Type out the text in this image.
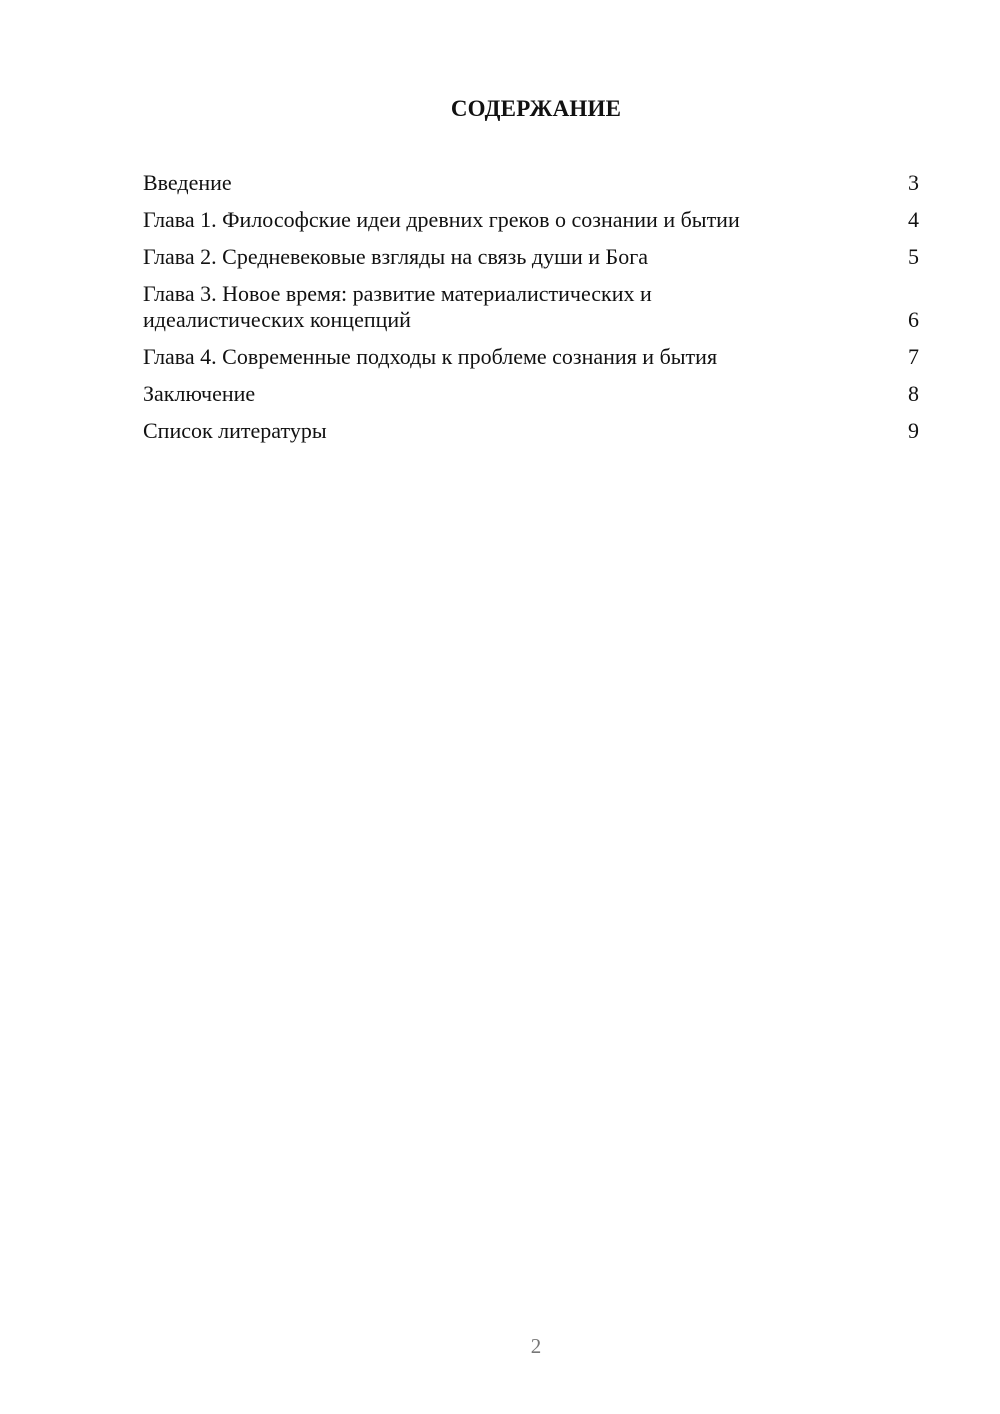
СОДЕРЖАНИЕ
Введение	3
Глава 1. Философские идеи древних греков о сознании и бытии	4
Глава 2. Средневековые взгляды на связь души и Бога	5
Глава 3. Новое время: развитие материалистических и идеалистических концепций	6
Глава 4. Современные подходы к проблеме сознания и бытия	7
Заключение	8
Список литературы	9
2
